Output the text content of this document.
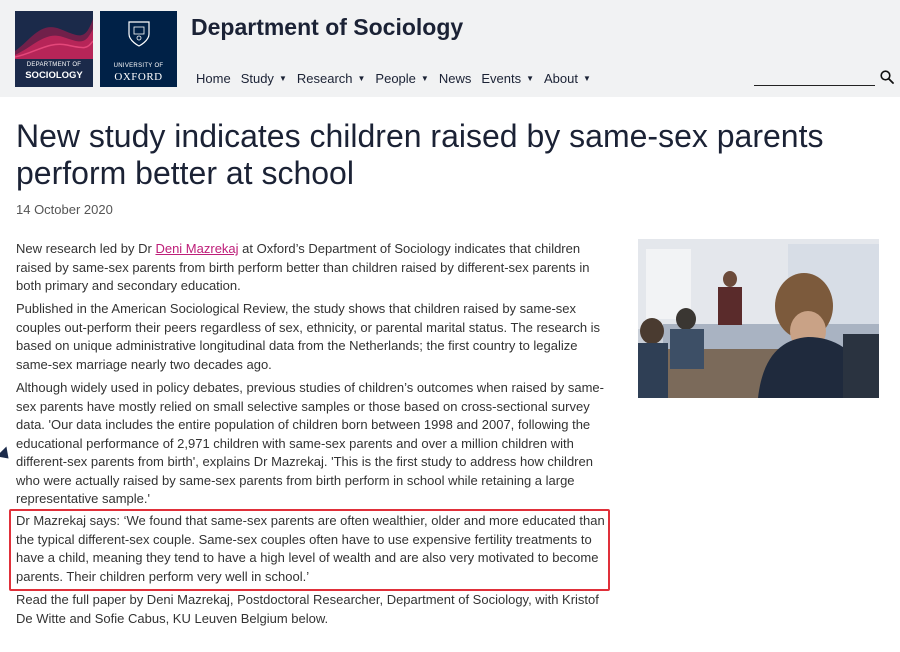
DEPARTMENT OF
SOCIOLOGY
UNIVERSITY OF
OXFORD
Department of Sociology
Home Study ▼ Research ▼ People ▼ News Events ▼ About ▼
New study indicates children raised by same-sex parents perform better at school
14 October 2020

New research led by Dr Deni Mazrekaj at Oxford’s Department of Sociology indicates that children raised by same-sex parents from birth perform better than children raised by different-sex parents in both primary and secondary education.

Published in the American Sociological Review, the study shows that children raised by same-sex couples out-perform their peers regardless of sex, ethnicity, or parental marital status. The research is based on unique administrative longitudinal data from the Netherlands; the first country to legalize same-sex marriage nearly two decades ago.

Although widely used in policy debates, previous studies of children’s outcomes when raised by same-sex parents have mostly relied on small selective samples or those based on cross-sectional survey data. 'Our data includes the entire population of children born between 1998 and 2007, following the educational performance of 2,971 children with same-sex parents and over a million children with different-sex parents from birth', explains Dr Mazrekaj. 'This is the first study to address how children who were actually raised by same-sex parents from birth perform in school while retaining a large representative sample.'

Dr Mazrekaj says: ‘We found that same-sex parents are often wealthier, older and more educated than the typical different-sex couple. Same-sex couples often have to use expensive fertility treatments to have a child, meaning they tend to have a high level of wealth and are also very motivated to become parents. Their children perform very well in school.’

Read the full paper by Deni Mazrekaj, Postdoctoral Researcher, Department of Sociology, with Kristof De Witte and Sofie Cabus, KU Leuven Belgium below.
